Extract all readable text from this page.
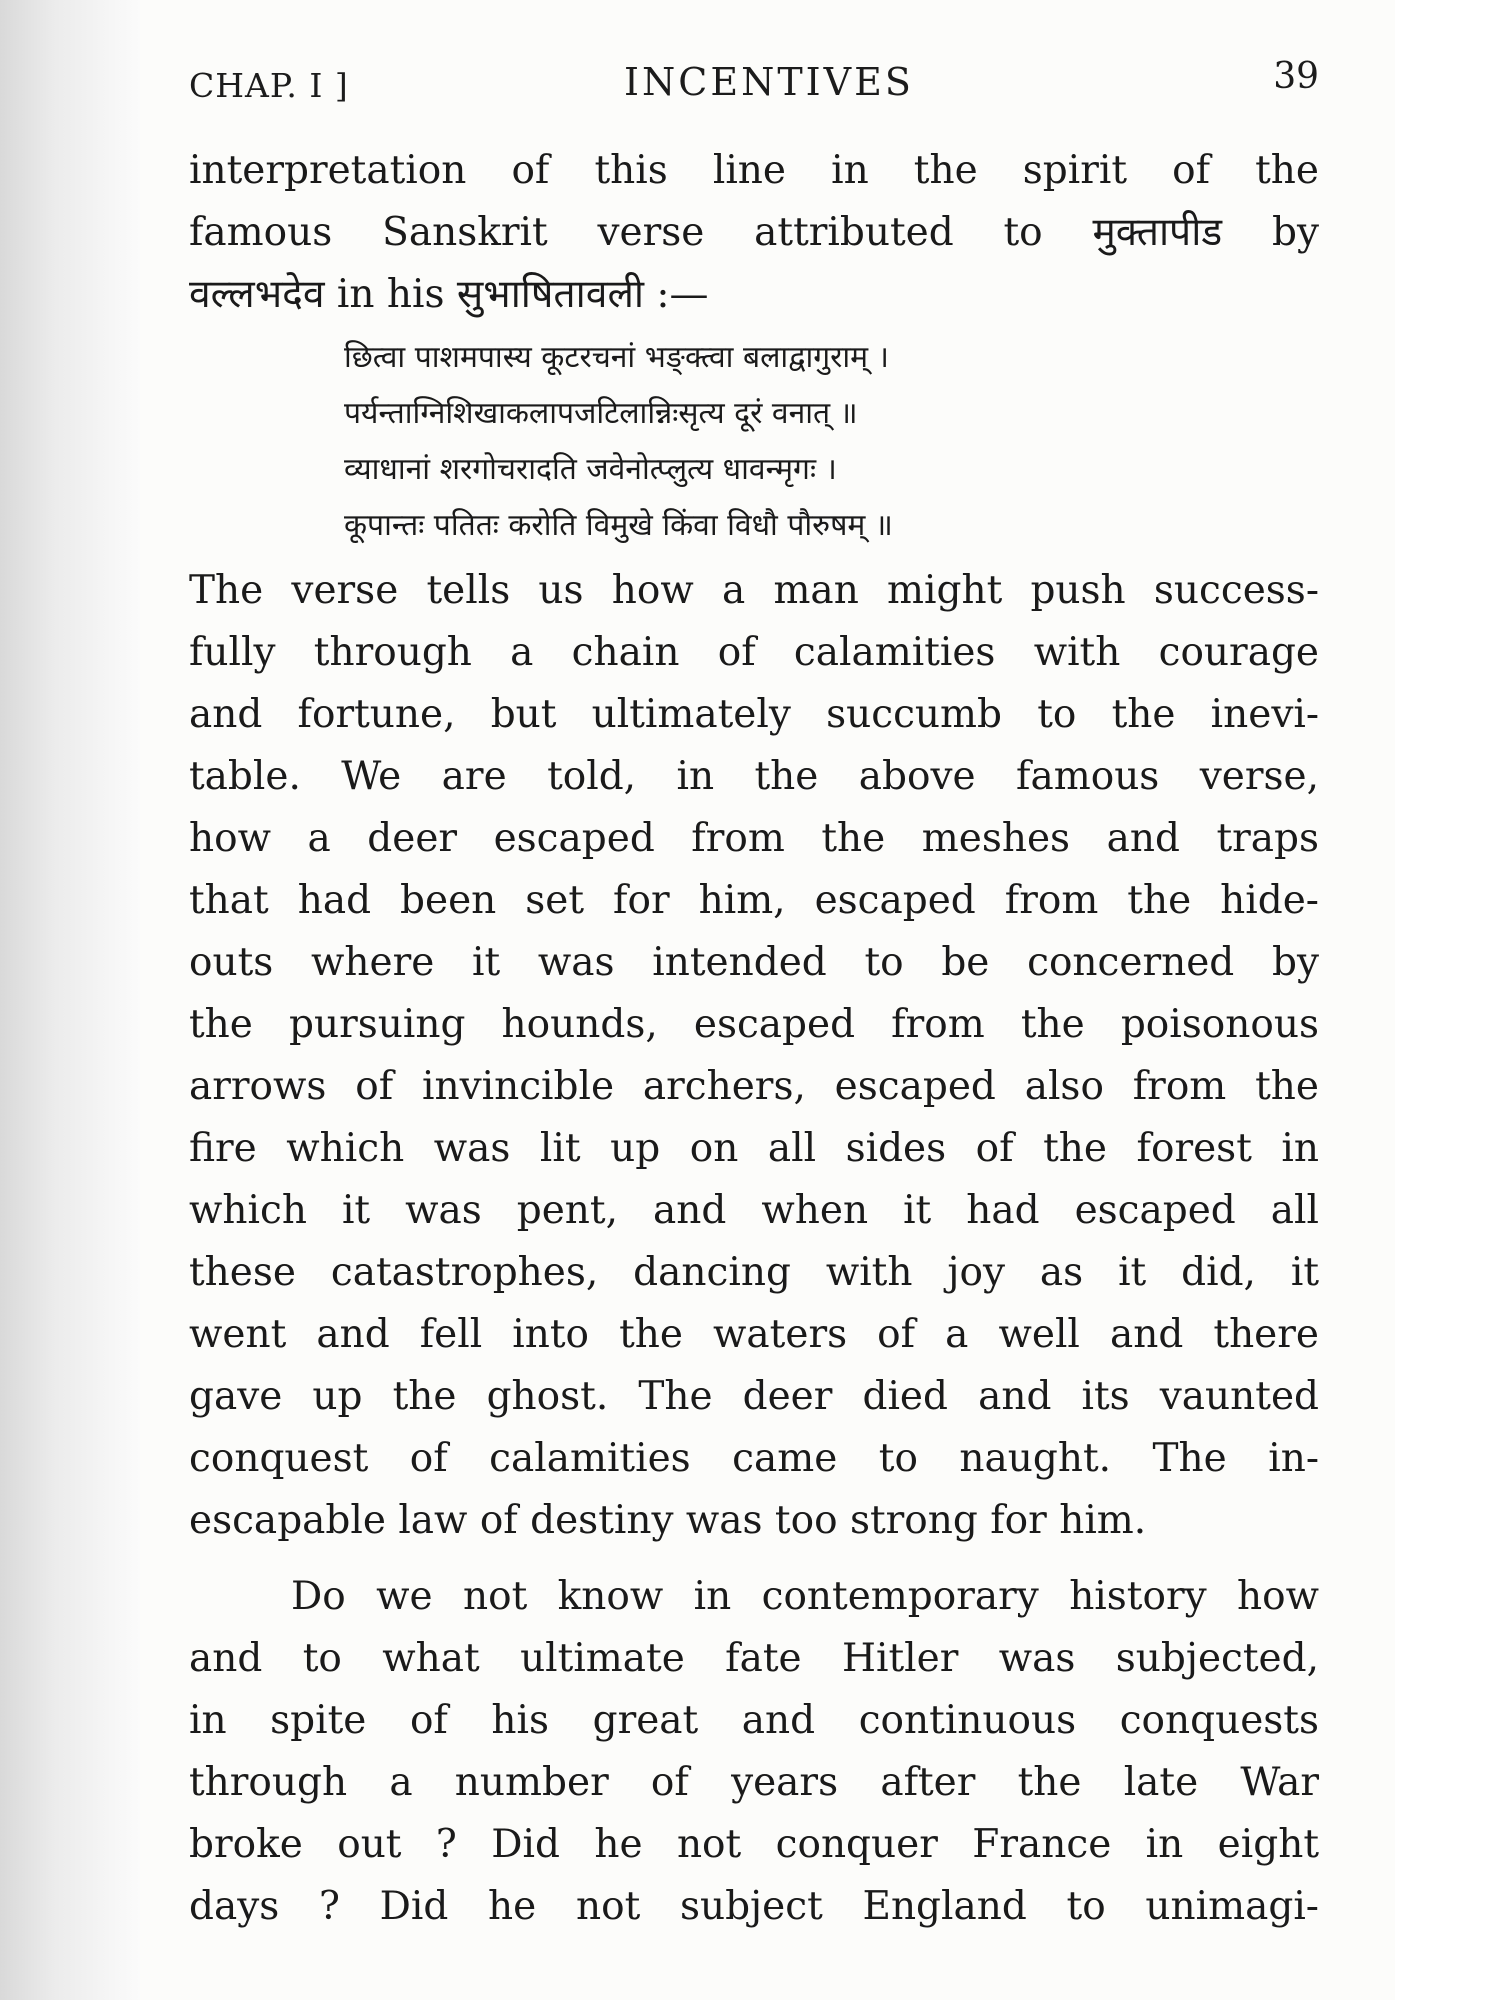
CHAP. I ]	INCENTIVES	39
interpretation of this line in the spirit of the
famous Sanskrit verse attributed to मुक्तापीड by
वल्लभदेव in his सुभाषितावली :—
छित्वा पाशमपास्य कूटरचनां भङ्क्त्वा बलाद्वागुराम् ।
पर्यन्ताग्निशिखाकलापजटिलान्निःसृत्य दूरं वनात् ॥
व्याधानां शरगोचरादति जवेनोत्प्लुत्य धावन्मृगः ।
कूपान्तः पतितः करोति विमुखे किंवा विधौ पौरुषम् ॥
The verse tells us how a man might push success-
fully through a chain of calamities with courage
and fortune, but ultimately succumb to the inevi-
table. We are told, in the above famous verse,
how a deer escaped from the meshes and traps
that had been set for him, escaped from the hide-
outs where it was intended to be concerned by
the pursuing hounds, escaped from the poisonous
arrows of invincible archers, escaped also from the
fire which was lit up on all sides of the forest in
which it was pent, and when it had escaped all
these catastrophes, dancing with joy as it did, it
went and fell into the waters of a well and there
gave up the ghost. The deer died and its vaunted
conquest of calamities came to naught. The in-
escapable law of destiny was too strong for him.
Do we not know in contemporary history how
and to what ultimate fate Hitler was subjected,
in spite of his great and continuous conquests
through a number of years after the late War
broke out ? Did he not conquer France in eight
days ? Did he not subject England to unimagi-
